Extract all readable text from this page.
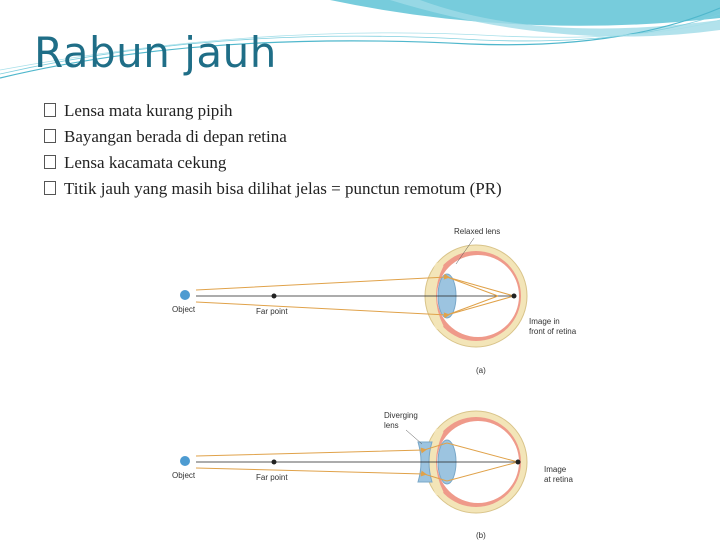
Rabun jauh
Lensa mata kurang pipih
Bayangan berada di depan retina
Lensa kacamata cekung
Titik jauh yang masih bisa dilihat jelas = punctun remotum (PR)
Relaxed lens
Object	Far point
Image in
front of retina
(a)
Diverging
lens
Object	Far point
Image
at retina
(b)
